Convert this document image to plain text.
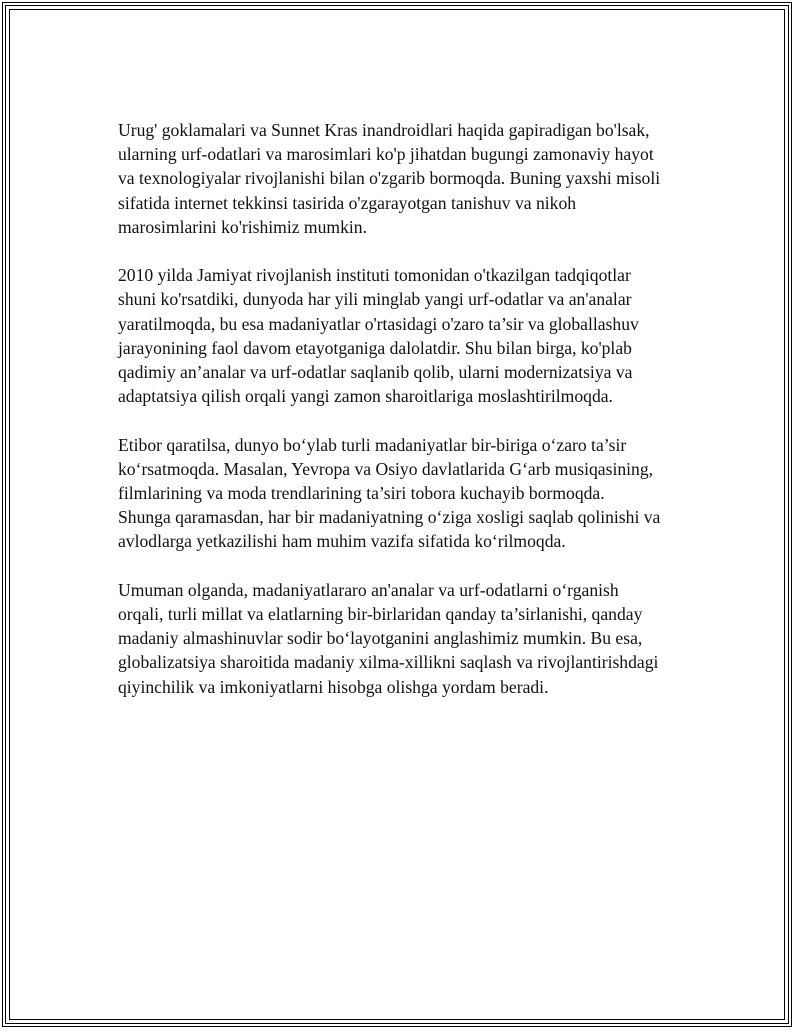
Urug' goklamalari va Sunnet Kras inandroidlari haqida gapiradigan bo'lsak,
ularning urf-odatlari va marosimlari ko'p jihatdan bugungi zamonaviy hayot
va texnologiyalar rivojlanishi bilan o'zgarib bormoqda. Buning yaxshi misoli
sifatida internet tekkinsi tasirida o'zgarayotgan tanishuv va nikoh
marosimlarini ko'rishimiz mumkin.

2010 yilda Jamiyat rivojlanish instituti tomonidan o'tkazilgan tadqiqotlar
shuni ko'rsatdiki, dunyoda har yili minglab yangi urf-odatlar va an'analar
yaratilmoqda, bu esa madaniyatlar o'rtasidagi o'zaro ta’sir va globallashuv
jarayonining faol davom etayotganiga dalolatdir. Shu bilan birga, ko'plab
qadimiy an’analar va urf-odatlar saqlanib qolib, ularni modernizatsiya va
adaptatsiya qilish orqali yangi zamon sharoitlariga moslashtirilmoqda.

Etibor qaratilsa, dunyo bo‘ylab turli madaniyatlar bir-biriga o‘zaro ta’sir
ko‘rsatmoqda. Masalan, Yevropa va Osiyo davlatlarida G‘arb musiqasining,
filmlarining va moda trendlarining ta’siri tobora kuchayib bormoqda.
Shunga qaramasdan, har bir madaniyatning o‘ziga xosligi saqlab qolinishi va
avlodlarga yetkazilishi ham muhim vazifa sifatida ko‘rilmoqda.

Umuman olganda, madaniyatlararo an'analar va urf-odatlarni o‘rganish
orqali, turli millat va elatlarning bir-birlaridan qanday ta’sirlanishi, qanday
madaniy almashinuvlar sodir bo‘layotganini anglashimiz mumkin. Bu esa,
globalizatsiya sharoitida madaniy xilma-xillikni saqlash va rivojlantirishdagi
qiyinchilik va imkoniyatlarni hisobga olishga yordam beradi.
